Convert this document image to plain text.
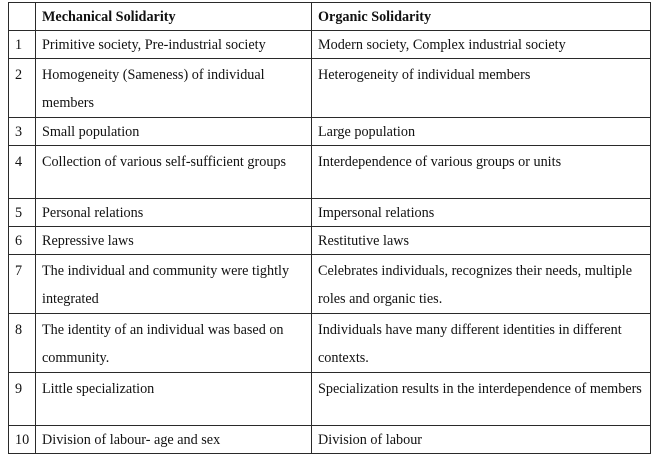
	Mechanical Solidarity	Organic Solidarity
1	Primitive society, Pre-industrial society	Modern society, Complex industrial society
2	Homogeneity (Sameness) of individual members	Heterogeneity of individual members
3	Small population	Large population
4	Collection of various self-sufficient groups	Interdependence of various groups or units
5	Personal relations	Impersonal relations
6	Repressive laws	Restitutive laws
7	The individual and community were tightly integrated	Celebrates individuals, recognizes their needs, multiple roles and organic ties.
8	The identity of an individual was based on community.	Individuals have many different identities in different contexts.
9	Little specialization	Specialization results in the interdependence of members
10	Division of labour- age and sex	Division of labour
